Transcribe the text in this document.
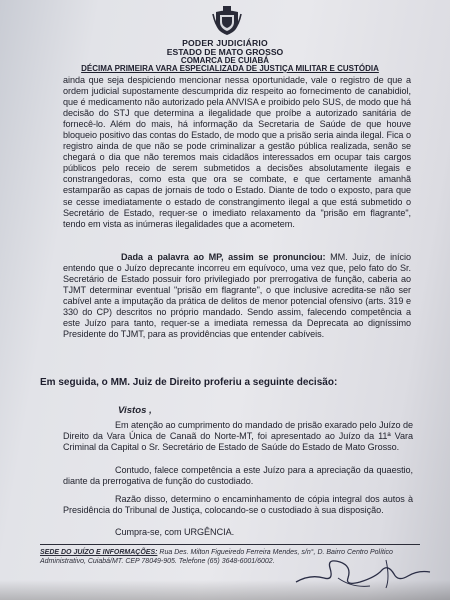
PODER JUDICIÁRIO
ESTADO DE MATO GROSSO
COMARCA DE CUIABÁ
DÉCIMA PRIMEIRA VARA ESPECIALIZADA DE JUSTIÇA MILITAR E CUSTÓDIA
ainda que seja despiciendo mencionar nessa oportunidade, vale o registro de que a ordem judicial supostamente descumprida diz respeito ao fornecimento de canabidiol, que é medicamento não autorizado pela ANVISA e proibido pelo SUS, de modo que há decisão do STJ que determina a ilegalidade que proíbe a autorizado sanitária de fornecê-lo. Além do mais, há informação da Secretaria de Saúde de que houve bloqueio positivo das contas do Estado, de modo que a prisão seria ainda ilegal. Fica o registro ainda de que não se pode criminalizar a gestão pública realizada, senão se chegará o dia que não teremos mais cidadãos interessados em ocupar tais cargos públicos pelo receio de serem submetidos a decisões absolutamente ilegais e constrangedoras, como esta que ora se combate, e que certamente amanhã estamparão as capas de jornais de todo o Estado. Diante de todo o exposto, para que se cesse imediatamente o estado de constrangimento ilegal a que está submetido o Secretário de Estado, requer-se o imediato relaxamento da "prisão em flagrante", tendo em vista as inúmeras ilegalidades que a acometem.
Dada a palavra ao MP, assim se pronunciou: MM. Juiz, de início entendo que o Juízo deprecante incorreu em equívoco, uma vez que, pelo fato do Sr. Secretário de Estado possuir foro privilegiado por prerrogativa de função, caberia ao TJMT determinar eventual "prisão em flagrante", o que inclusive acredita-se não ser cabível ante a imputação da prática de delitos de menor potencial ofensivo (arts. 319 e 330 do CP) descritos no próprio mandado. Sendo assim, falecendo competência a este Juízo para tanto, requer-se a imediata remessa da Deprecata ao digníssimo Presidente do TJMT, para as providências que entender cabíveis.
Em seguida, o MM. Juiz de Direito proferiu a seguinte decisão:
Vistos ,
Em atenção ao cumprimento do mandado de prisão exarado pelo Juízo de Direito da Vara Única de Canaã do Norte-MT, foi apresentado ao Juízo da 11ª Vara Criminal da Capital o Sr. Secretário de Estado de Saúde do Estado de Mato Grosso.
Contudo, falece competência a este Juízo para a apreciação da quaestio, diante da prerrogativa de função do custodiado.
Razão disso, determino o encaminhamento de cópia integral dos autos à Presidência do Tribunal de Justiça, colocando-se o custodiado à sua disposição.
Cumpra-se, com URGÊNCIA.
SEDE DO JUÍZO E INFORMAÇÕES: Rua Des. Milton Figueiredo Ferreira Mendes, s/n°, D. Bairro Centro Político Administrativo, Cuiabá/MT. CEP 78049-905. Telefone (65) 3648-6001/6002.
